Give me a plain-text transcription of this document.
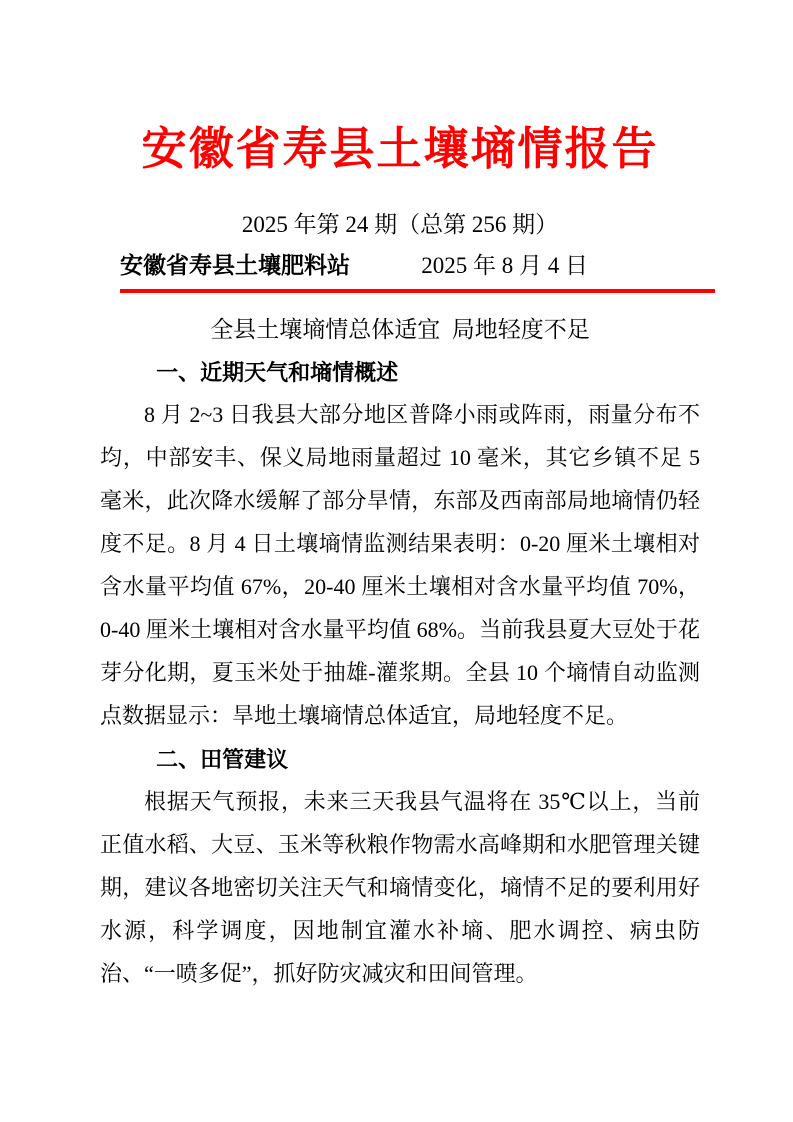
安徽省寿县土壤墒情报告
2025 年第 24 期（总第 256 期）
安徽省寿县土壤肥料站	2025 年 8 月 4 日
全县土壤墒情总体适宜 局地轻度不足
一、近期天气和墒情概述

8 月 2~3 日我县大部分地区普降小雨或阵雨，雨量分布不均，中部安丰、保义局地雨量超过 10 毫米，其它乡镇不足 5 毫米，此次降水缓解了部分旱情，东部及西南部局地墒情仍轻度不足。8 月 4 日土壤墒情监测结果表明：0-20 厘米土壤相对含水量平均值 67%，20-40 厘米土壤相对含水量平均值 70%，0-40 厘米土壤相对含水量平均值 68%。当前我县夏大豆处于花芽分化期，夏玉米处于抽雄-灌浆期。全县 10 个墒情自动监测点数据显示：旱地土壤墒情总体适宜，局地轻度不足。

二、田管建议

根据天气预报，未来三天我县气温将在 35℃以上，当前正值水稻、大豆、玉米等秋粮作物需水高峰期和水肥管理关键期，建议各地密切关注天气和墒情变化，墒情不足的要利用好水源，科学调度，因地制宜灌水补墒、肥水调控、病虫防治、“一喷多促”，抓好防灾减灾和田间管理。
